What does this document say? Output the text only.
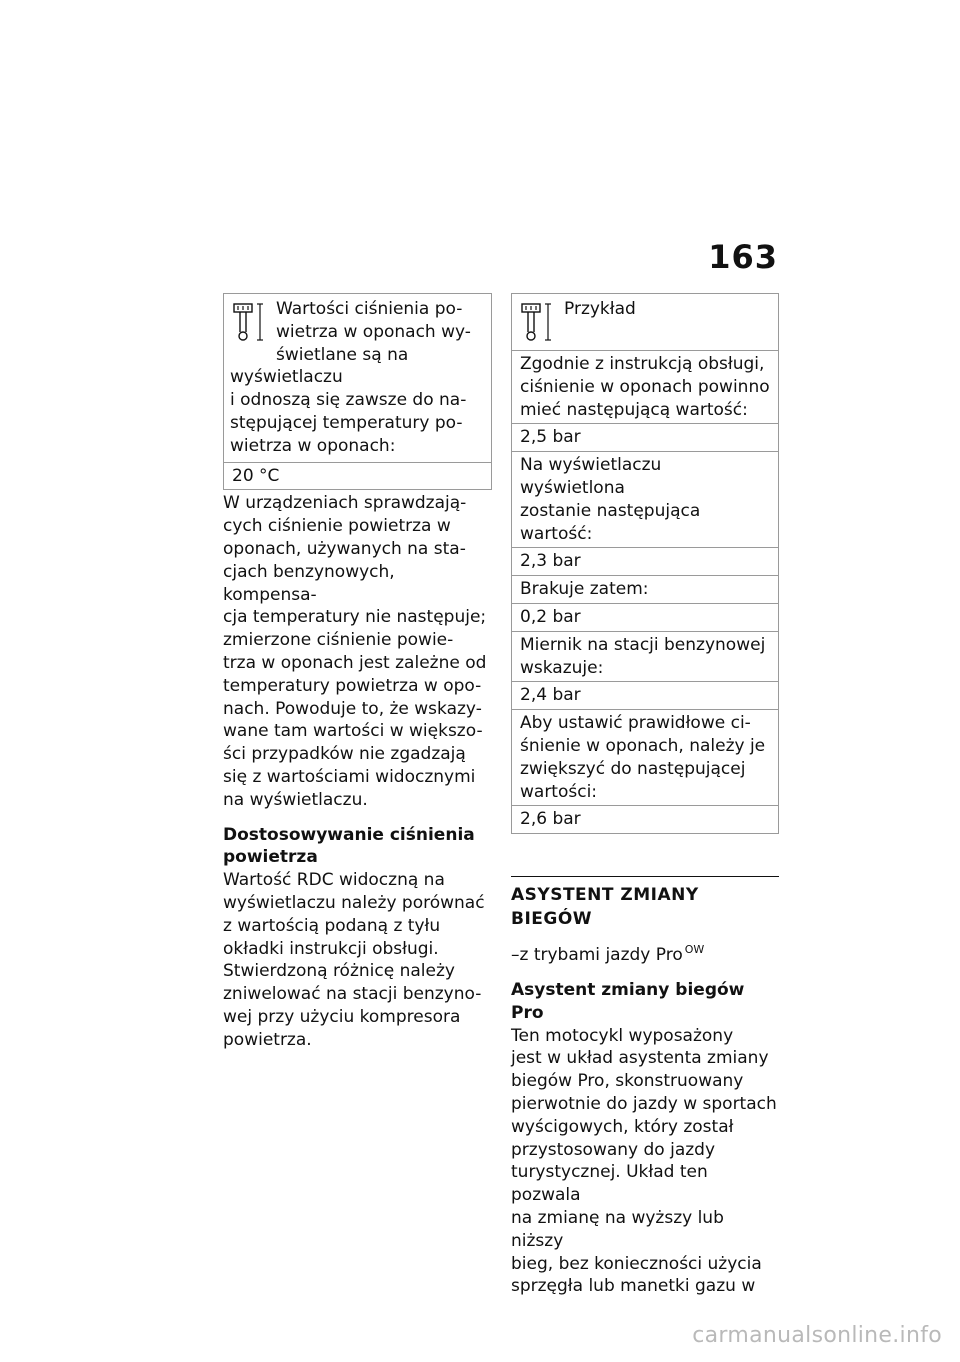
163
Wartości ciśnienia po-
wietrza w oponach wy-
świetlane są na wyświetlaczu
i odnoszą się zawsze do na-
stępującej temperatury po-
wietrza w oponach:
20 °C

W urządzeniach sprawdzają-

cych ciśnienie powietrza w

oponach, używanych na sta-

cjach benzynowych, kompensa-

cja temperatury nie następuje;

zmierzone ciśnienie powie-

trza w oponach jest zależne od

temperatury powietrza w opo-

nach. Powoduje to, że wskazy-

wane tam wartości w większo-

ści przypadków nie zgadzają

się z wartościami widocznymi

na wyświetlaczu.

Dostosowywanie ciśnienia

powietrza

Wartość RDC widoczną na

wyświetlaczu należy porównać

z wartością podaną z tyłu

okładki instrukcji obsługi.

Stwierdzoną różnicę należy

zniwelować na stacji benzyno-

wej przy użyciu kompresora

powietrza.

Przykład
Zgodnie z instrukcją obsługi,
ciśnienie w oponach powinno
mieć następującą wartość:
2,5 bar
Na wyświetlaczu wyświetlona
zostanie następująca wartość:
2,3 bar
Brakuje zatem:
0,2 bar
Miernik na stacji benzynowej
wskazuje:
2,4 bar
Aby ustawić prawidłowe ci-
śnienie w oponach, należy je
zwiększyć do następującej
wartości:
2,6 bar
ASYSTENT ZMIANY BIEGÓW
–z trybami jazdy Pro $^{OW}$

Asystent zmiany biegów Pro

Ten motocykl wyposażony

jest w układ asystenta zmiany

biegów Pro, skonstruowany

pierwotnie do jazdy w sportach

wyścigowych, który został

przystosowany do jazdy

turystycznej. Układ ten pozwala

na zmianę na wyższy lub niższy

bieg, bez konieczności użycia

sprzęgła lub manetki gazu w

carmanualsonline.info
